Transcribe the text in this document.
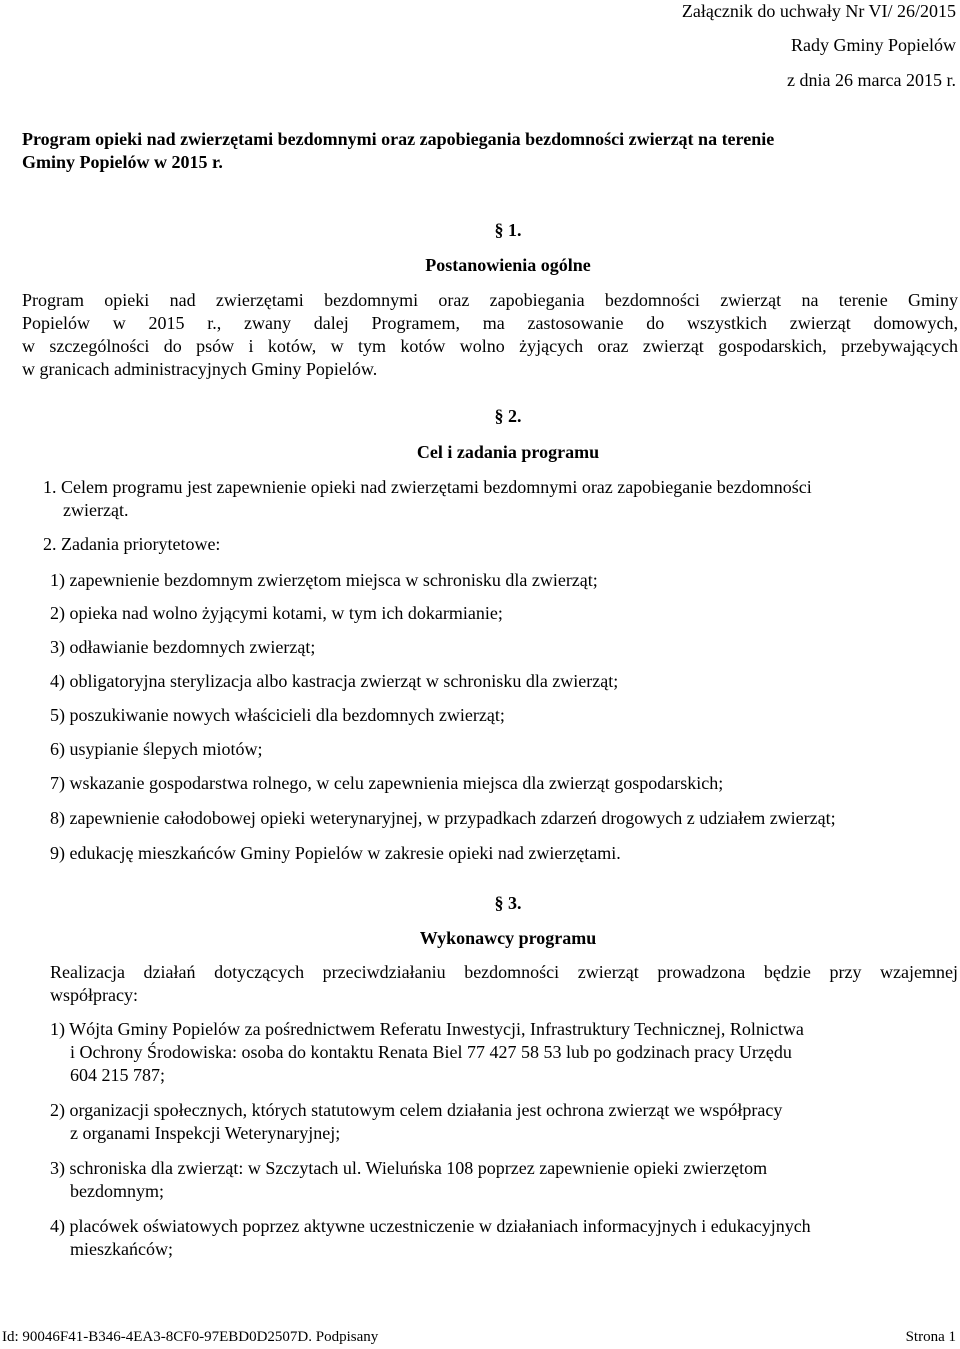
Załącznik do uchwały Nr VI/ 26/2015
Rady Gminy Popielów
z dnia 26 marca 2015 r.
Program opieki nad zwierzętami bezdomnymi oraz zapobiegania bezdomności zwierząt na terenie
Gminy Popielów w 2015 r.
§ 1.
Postanowienia ogólne
Program opieki nad zwierzętami bezdomnymi oraz zapobiegania bezdomności zwierząt na terenie Gminy
Popielów w 2015 r., zwany dalej Programem, ma zastosowanie do wszystkich zwierząt domowych,
w szczególności do psów i kotów, w tym kotów wolno żyjących oraz zwierząt gospodarskich, przebywających
w granicach administracyjnych Gminy Popielów.
§ 2.
Cel i zadania programu
1. Celem programu jest zapewnienie opieki nad zwierzętami bezdomnymi oraz zapobieganie bezdomności
zwierząt.
2. Zadania priorytetowe:
1) zapewnienie bezdomnym zwierzętom miejsca w schronisku dla zwierząt;
2) opieka nad wolno żyjącymi kotami, w tym ich dokarmianie;
3) odławianie bezdomnych zwierząt;
4) obligatoryjna sterylizacja albo kastracja zwierząt w schronisku dla zwierząt;
5) poszukiwanie nowych właścicieli dla bezdomnych zwierząt;
6) usypianie ślepych miotów;
7) wskazanie gospodarstwa rolnego, w celu zapewnienia miejsca dla zwierząt gospodarskich;
8) zapewnienie całodobowej opieki weterynaryjnej, w przypadkach zdarzeń drogowych z udziałem zwierząt;
9) edukację mieszkańców Gminy Popielów w zakresie opieki nad zwierzętami.
§ 3.
Wykonawcy programu
Realizacja działań dotyczących przeciwdziałaniu bezdomności zwierząt prowadzona będzie przy wzajemnej
współpracy:
1) Wójta Gminy Popielów za pośrednictwem Referatu Inwestycji, Infrastruktury Technicznej, Rolnictwa
i Ochrony Środowiska: osoba do kontaktu Renata Biel 77 427 58 53 lub po godzinach pracy Urzędu
604 215 787;
2) organizacji społecznych, których statutowym celem działania jest ochrona zwierząt we współpracy
z organami Inspekcji Weterynaryjnej;
3) schroniska dla zwierząt: w Szczytach ul. Wieluńska 108 poprzez zapewnienie opieki zwierzętom
bezdomnym;
4) placówek oświatowych poprzez aktywne uczestniczenie w działaniach informacyjnych i edukacyjnych
mieszkańców;
Id: 90046F41-B346-4EA3-8CF0-97EBD0D2507D. Podpisany	Strona 1
